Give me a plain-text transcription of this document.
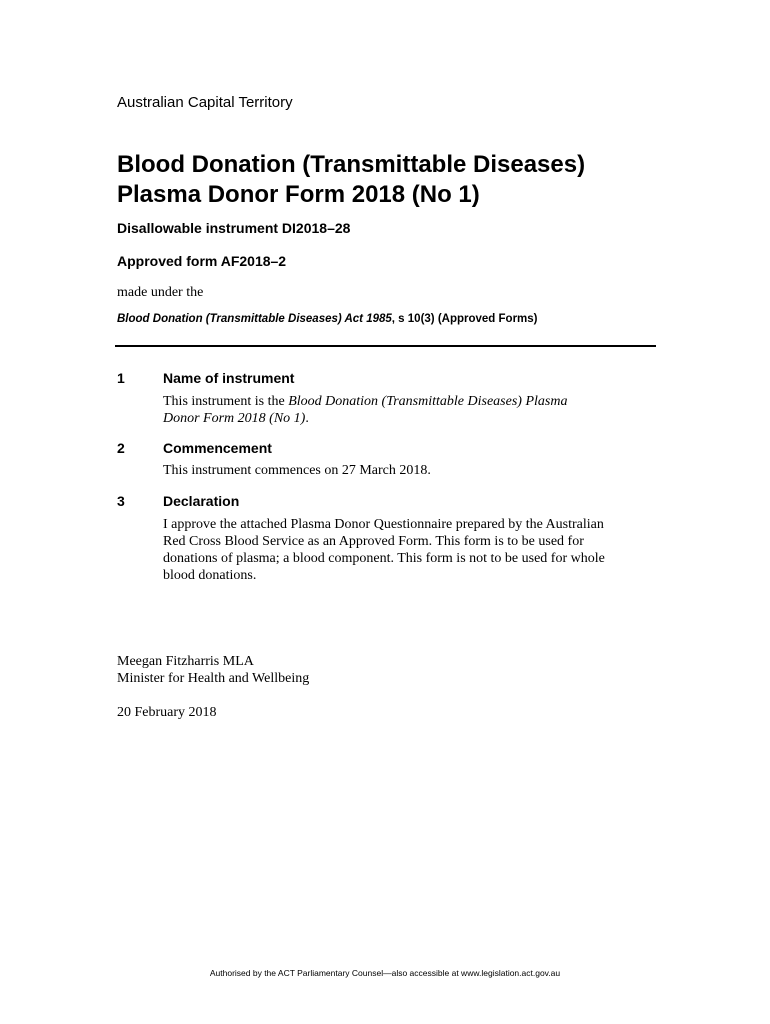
Australian Capital Territory
Blood Donation (Transmittable Diseases)
Plasma Donor Form 2018 (No 1)
Disallowable instrument DI2018–28
Approved form AF2018–2
made under the
Blood Donation (Transmittable Diseases) Act 1985, s 10(3) (Approved Forms)
1	Name of instrument
This instrument is the Blood Donation (Transmittable Diseases) Plasma
Donor Form 2018 (No 1).
2	Commencement
This instrument commences on 27 March 2018.
3	Declaration
I approve the attached Plasma Donor Questionnaire prepared by the Australian
Red Cross Blood Service as an Approved Form. This form is to be used for
donations of plasma; a blood component. This form is not to be used for whole
blood donations.
Meegan Fitzharris MLA
Minister for Health and Wellbeing
20 February 2018
Authorised by the ACT Parliamentary Counsel—also accessible at www.legislation.act.gov.au
